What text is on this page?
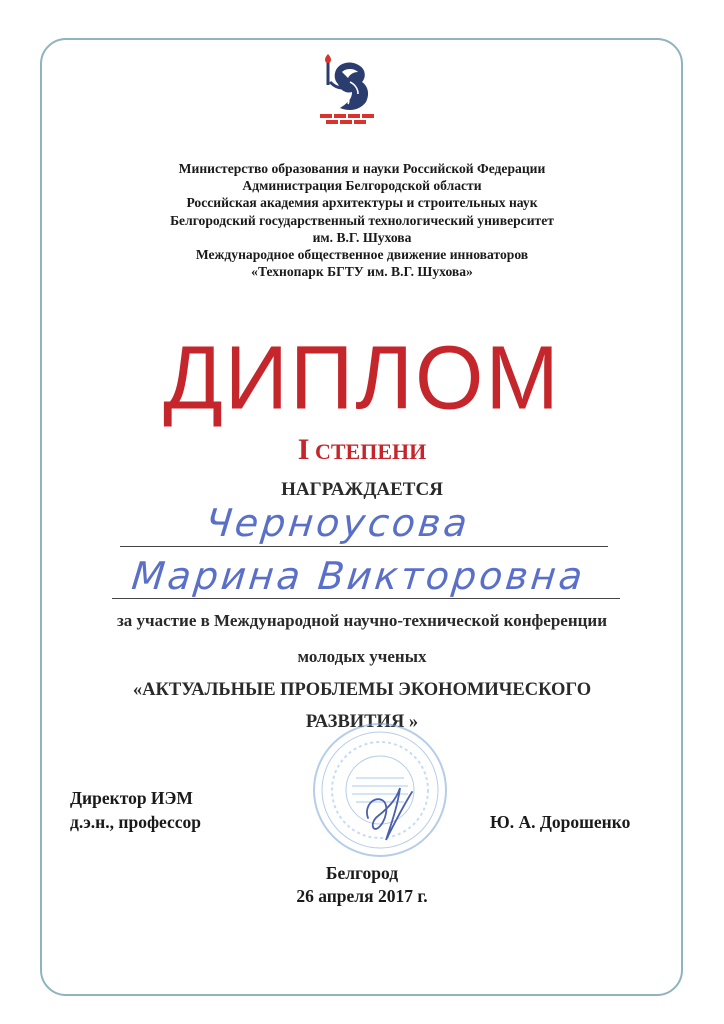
Министерство образования и науки Российской Федерации
Администрация Белгородской области
Российская академия архитектуры и строительных наук
Белгородский государственный технологический университет
им. В.Г. Шухова
Международное общественное движение инноваторов
«Технопарк БГТУ им. В.Г. Шухова»
ДИПЛОМ
I СТЕПЕНИ
НАГРАЖДАЕТСЯ
Черноусова
Марина Викторовна
за участие в Международной научно-технической конференции
молодых ученых
«АКТУАЛЬНЫЕ ПРОБЛЕМЫ ЭКОНОМИЧЕСКОГО
РАЗВИТИЯ »
Директор ИЭМ
д.э.н., профессор	Ю. А. Дорошенко
Белгород
26 апреля 2017 г.
